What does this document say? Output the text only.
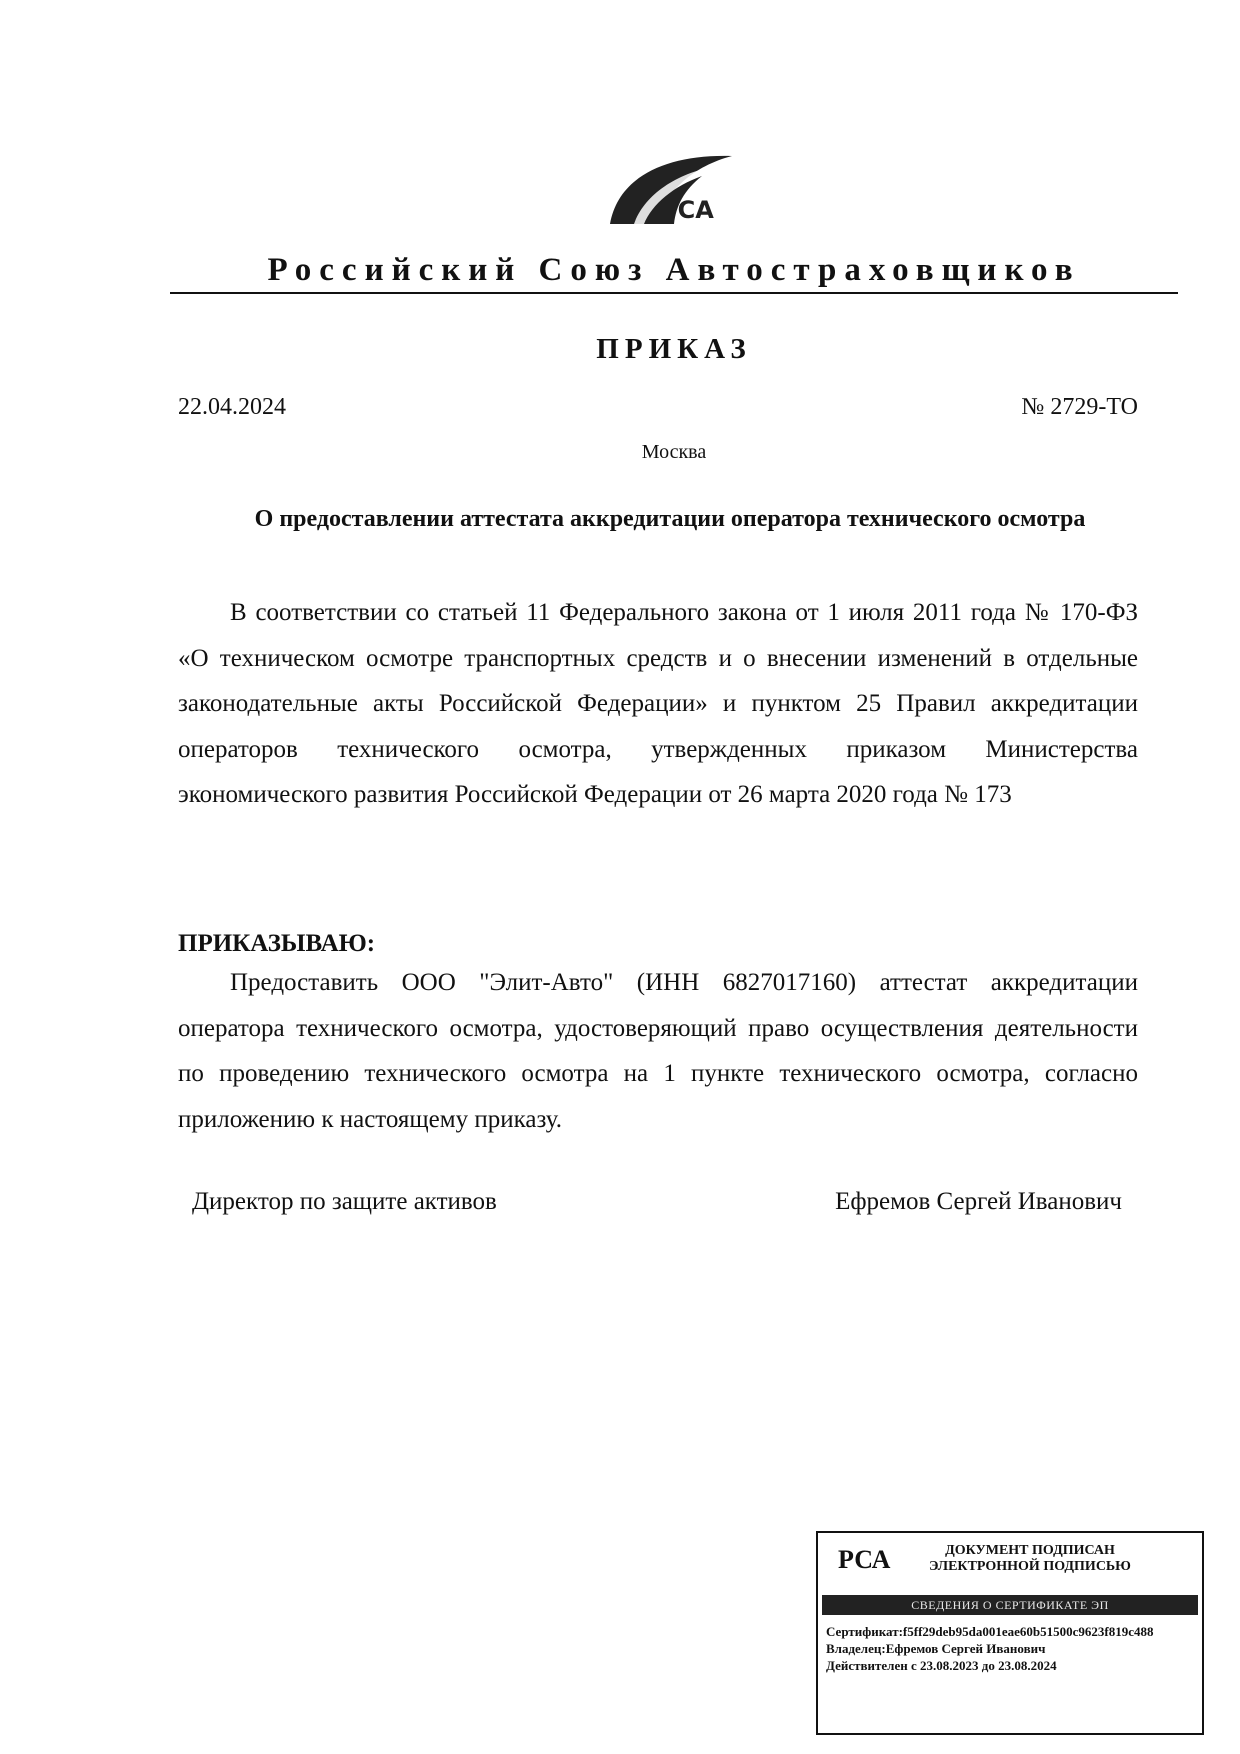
РСА
Российский Союз Автостраховщиков
ПРИКАЗ
22.04.2024	№ 2729-ТО
Москва
О предоставлении аттестата аккредитации оператора технического осмотра

В соответствии со статьей 11 Федерального закона от 1 июля 2011 года № 170-ФЗ «О техническом осмотре транспортных средств и о внесении изменений в отдельные законодательные акты Российской Федерации» и пунктом 25 Правил аккредитации операторов технического осмотра, утвержденных приказом Министерства экономического развития Российской Федерации от 26 марта 2020 года № 173

ПРИКАЗЫВАЮ:

Предоставить ООО "Элит-Авто" (ИНН 6827017160) аттестат аккредитации оператора технического осмотра, удостоверяющий право осуществления деятельности по проведению технического осмотра на 1 пункте технического осмотра, согласно приложению к настоящему приказу.

Директор по защите активов	Ефремов Сергей Иванович
РСА	ДОКУМЕНТ ПОДПИСАН ЭЛЕКТРОННОЙ ПОДПИСЬЮ
СВЕДЕНИЯ О СЕРТИФИКАТЕ ЭП
Сертификат:f5ff29deb95da001eae60b51500c9623f819c488
Владелец:Ефремов Сергей Иванович
Действителен с 23.08.2023 до 23.08.2024
